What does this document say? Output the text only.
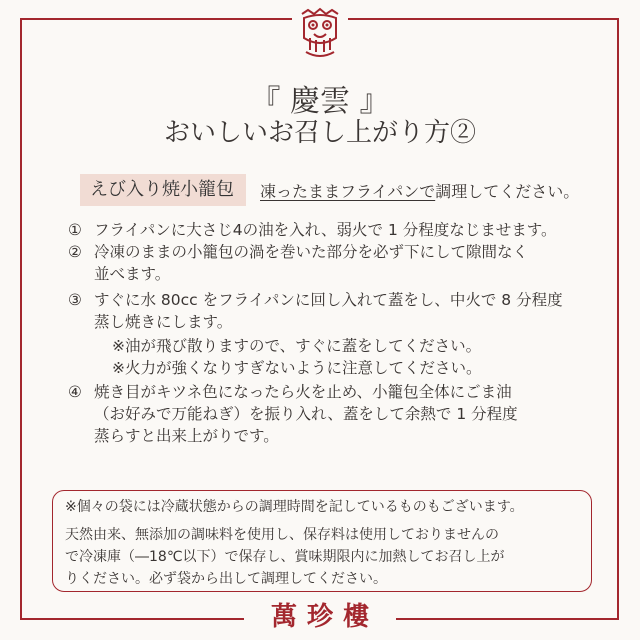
『 慶雲 』
おいしいお召し上がり方②
えび入り焼小籠包	凍ったままフライパンで調理してください。
① フライパンに大さじ4の油を入れ、弱火で 1 分程度なじませます。
② 冷凍のままの小籠包の渦を巻いた部分を必ず下にして隙間なく
並べます。
③ すぐに水 80cc をフライパンに回し入れて蓋をし、中火で 8 分程度
蒸し焼きにします。
※油が飛び散りますので、すぐに蓋をしてください。
※火力が強くなりすぎないように注意してください。
④ 焼き目がキツネ色になったら火を止め、小籠包全体にごま油
（お好みで万能ねぎ）を振り入れ、蓋をして余熱で 1 分程度
蒸らすと出来上がりです。
※個々の袋には冷蔵状態からの調理時間を記しているものもございます。
天然由来、無添加の調味料を使用し、保存料は使用しておりませんの
で冷凍庫（―18℃以下）で保存し、賞味期限内に加熱してお召し上が
りください。必ず袋から出して調理してください。
萬珍樓
